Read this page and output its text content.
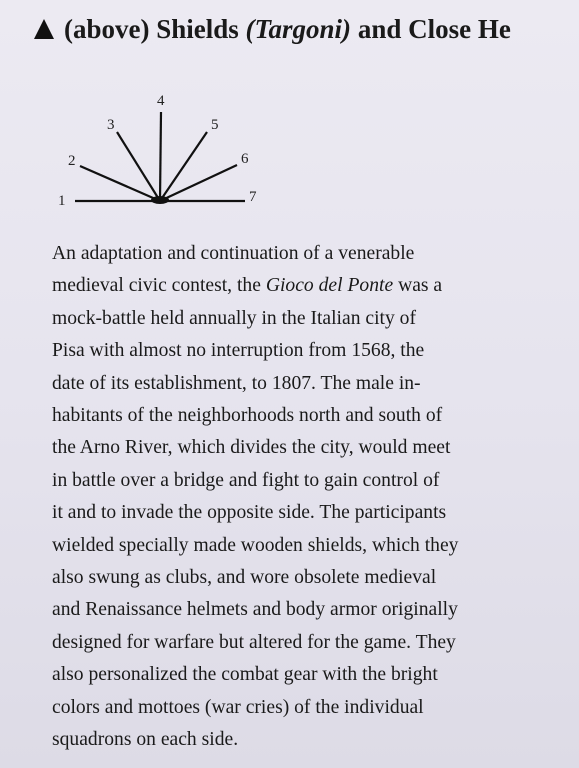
(above) Shields (Targoni) and Close He
1
2
3
4
5
6
7

An adaptation and continuation of a venerable
medieval civic contest, the Gioco del Ponte was a
mock-battle held annually in the Italian city of
Pisa with almost no interruption from 1568, the
date of its establishment, to 1807. The male in-
habitants of the neighborhoods north and south of
the Arno River, which divides the city, would meet
in battle over a bridge and fight to gain control of
it and to invade the opposite side. The participants
wielded specially made wooden shields, which they
also swung as clubs, and wore obsolete medieval
and Renaissance helmets and body armor originally
designed for warfare but altered for the game. They
also personalized the combat gear with the bright
colors and mottoes (war cries) of the individual
squadrons on each side.
